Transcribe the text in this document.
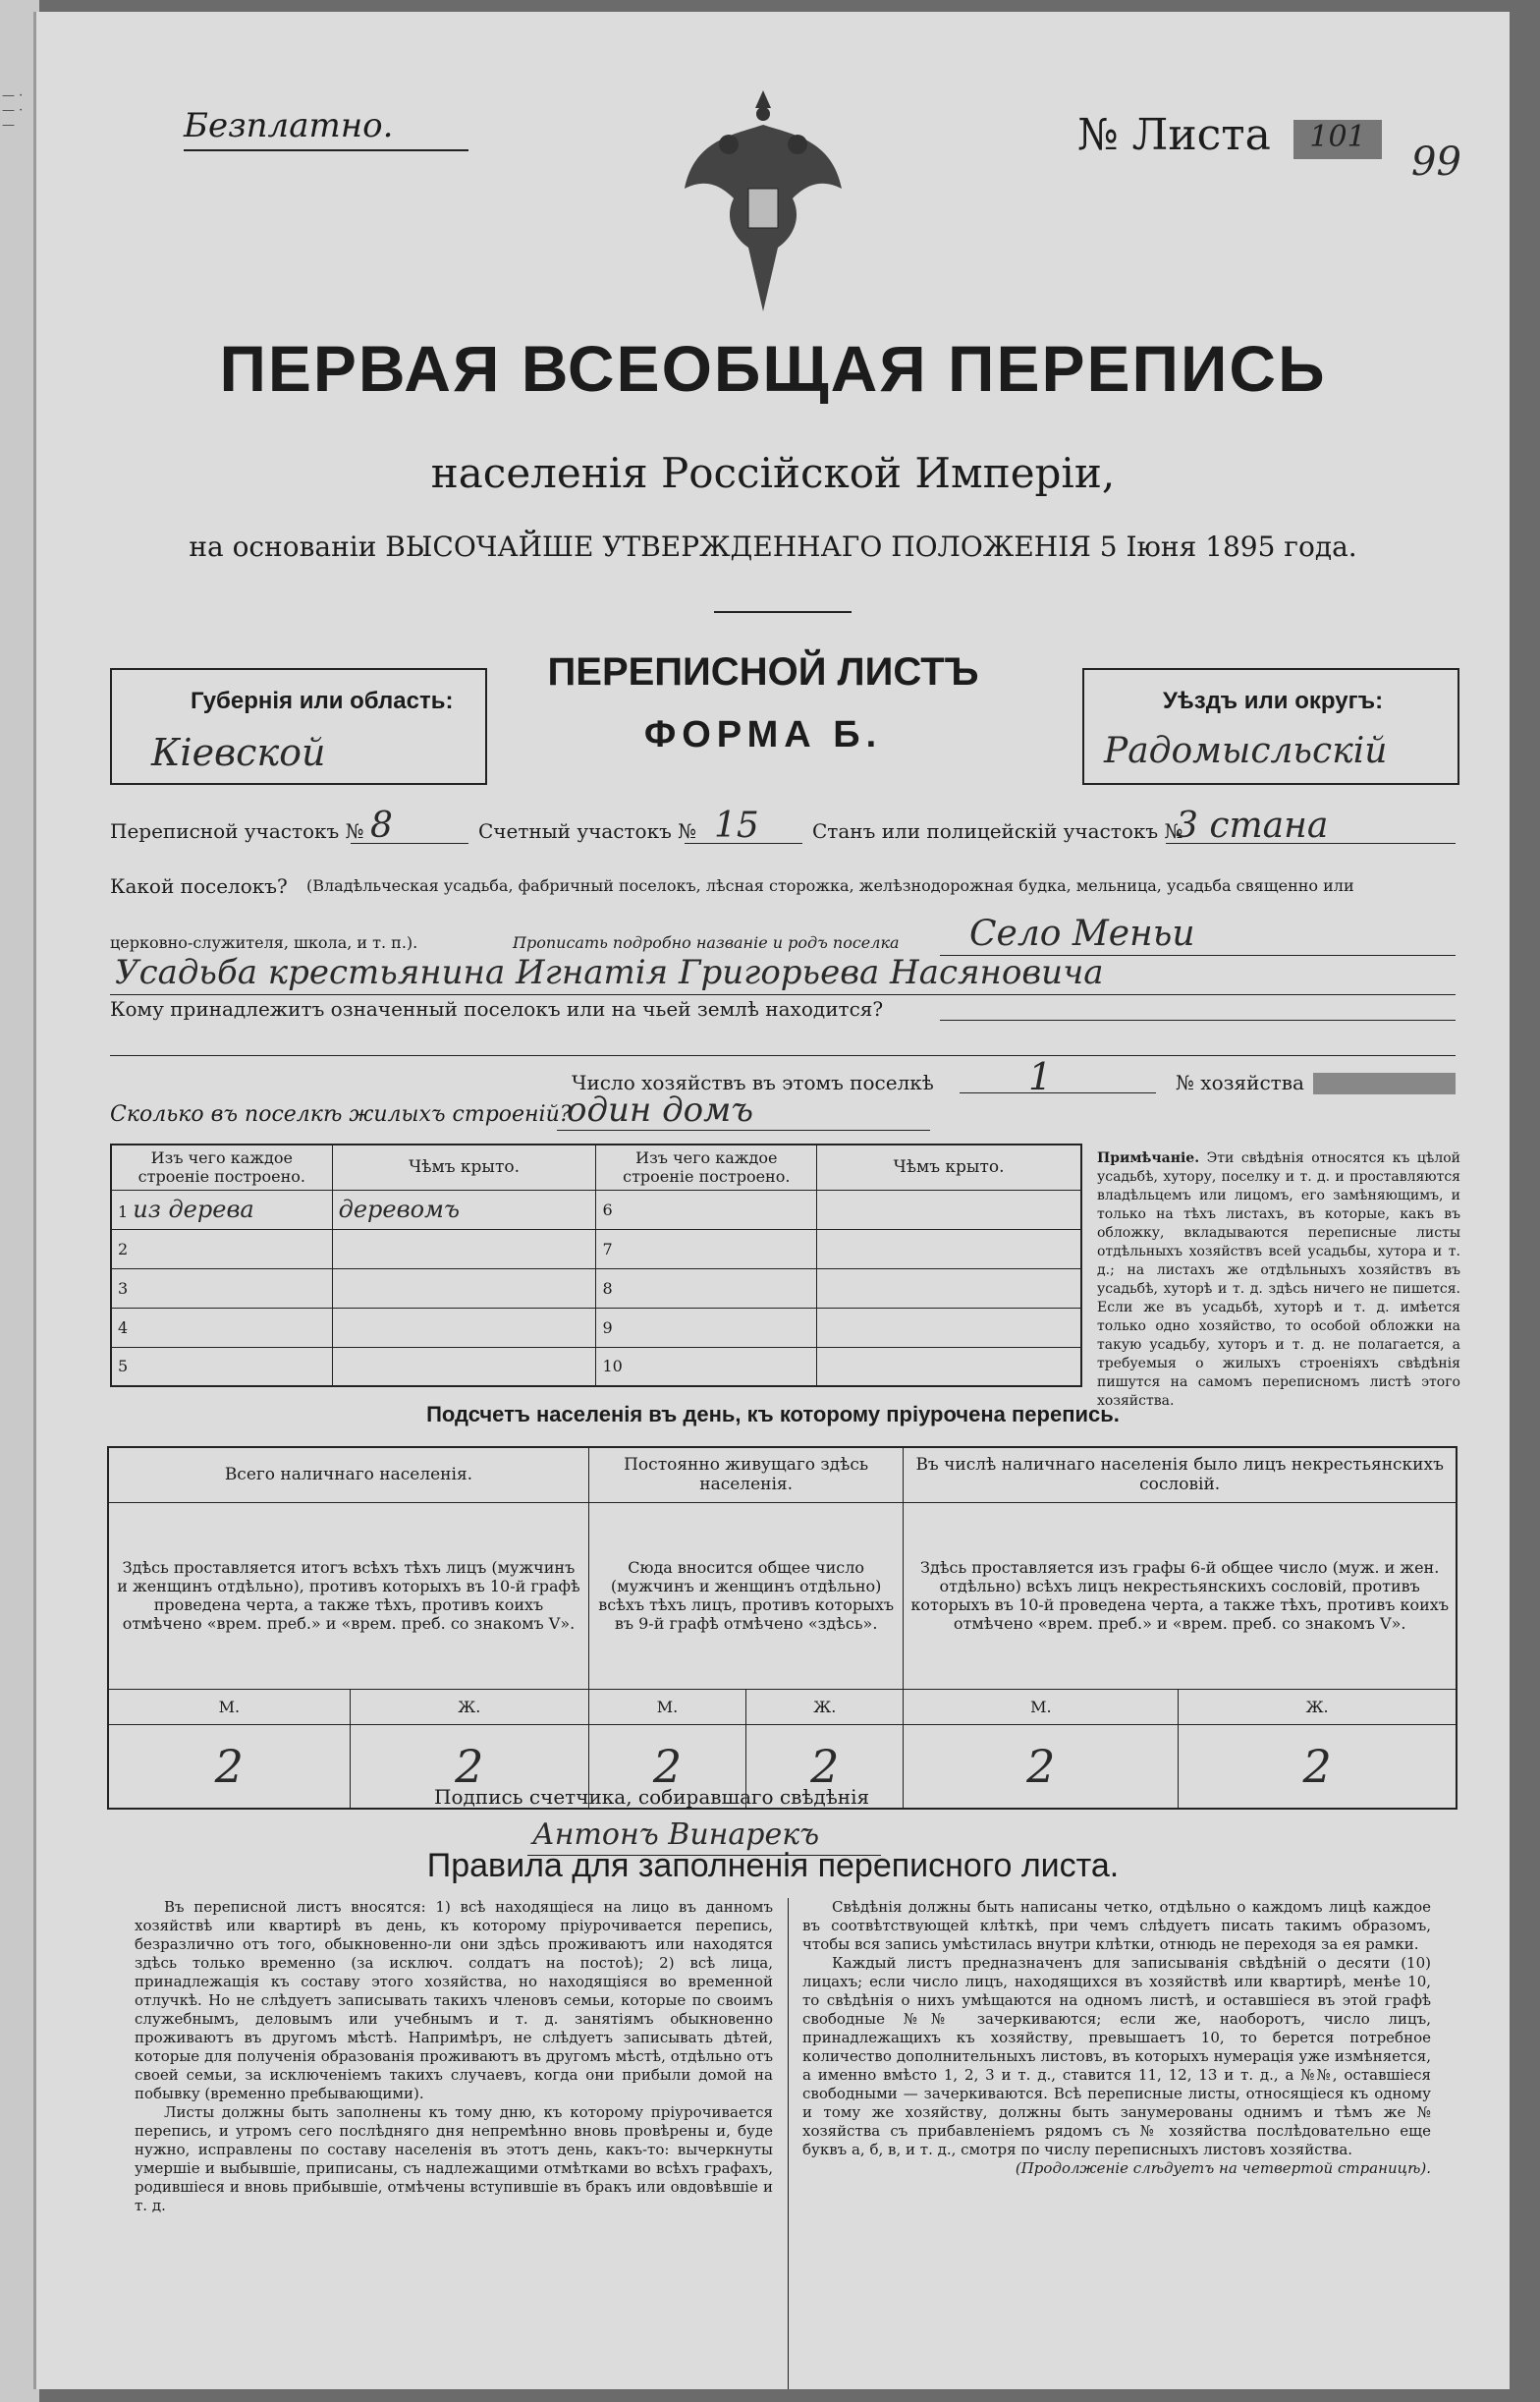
— · — · —	Безплатно.	№ Листа	101
99
ПЕРВАЯ ВСЕОБЩАЯ ПЕРЕПИСЬ
населенія Россійской Имперіи,
на основаніи ВЫСОЧАЙШЕ УТВЕРЖДЕННАГО ПОЛОЖЕНІЯ 5 Іюня 1895 года.
Губернія или область:
Кіевской
ПЕРЕПИСНОЙ ЛИСТЪ
ФОРМА Б.
Уѣздъ или округъ:
Радомысльскій
Переписной участокъ № 8	Счетный участокъ № 15	Станъ или полицейскій участокъ №
3 стана
Какой поселокъ? (Владѣльческая усадьба, фабричный поселокъ, лѣсная сторожка, желѣзнодорожная будка, мельница, усадьба священно или
церковно-служителя, школа, и т. п.).	Прописать подробно названіе и родъ поселка Село Меньи
Усадьба крестьянина Игнатія Григорьева Насяновича
Кому принадлежитъ означенный поселокъ или на чьей землѣ находится?
Число хозяйствъ въ этомъ поселкѣ	1	№ хозяйства
Сколько въ поселкѣ жилыхъ строеній?
один домъ
Изъ чего каждое строеніе построено.	Чѣмъ крыто.	Изъ чего каждое строеніе построено.	Чѣмъ крыто.
1 из дерева	деревомъ	6	
2		7	
3		8	
4		9	
5		10	
Примѣчаніе. Эти свѣдѣнія относятся къ цѣлой усадьбѣ, хутору, поселку и т. д. и проставляются владѣльцемъ или лицомъ, его замѣняющимъ, и только на тѣхъ листахъ, въ которые, какъ въ обложку, вкладываются переписные листы отдѣльныхъ хозяйствъ всей усадьбы, хутора и т. д.; на листахъ же отдѣльныхъ хозяйствъ въ усадьбѣ, хуторѣ и т. д. здѣсь ничего не пишется. Если же въ усадьбѣ, хуторѣ и т. д. имѣется только одно хозяйство, то особой обложки на такую усадьбу, хуторъ и т. д. не полагается, а требуемыя о жилыхъ строеніяхъ свѣдѣнія пишутся на самомъ переписномъ листѣ этого хозяйства.
Подсчетъ населенія въ день, къ которому пріурочена перепись.
Всего наличнаго населенія.		Постоянно живущаго здѣсь населенія.		Въ числѣ наличнаго населенія было лицъ некрестьянскихъ сословій.	
Здѣсь проставляется итогъ всѣхъ тѣхъ лицъ (мужчинъ и женщинъ отдѣльно), противъ которыхъ въ 10-й графѣ проведена черта, а также тѣхъ, противъ коихъ отмѣчено «врем. преб.» и «врем. преб. со знакомъ V».		Сюда вносится общее число (мужчинъ и женщинъ отдѣльно) всѣхъ тѣхъ лицъ, противъ которыхъ въ 9-й графѣ отмѣчено «здѣсь».		Здѣсь проставляется изъ графы 6-й общее число (муж. и жен. отдѣльно) всѣхъ лицъ некрестьянскихъ сословій, противъ которыхъ въ 10-й проведена черта, а также тѣхъ, противъ коихъ отмѣчено «врем. преб.» и «врем. преб. со знакомъ V».	
М.	Ж.	М.	Ж.	М.	Ж.
2	2	2	2	2	2
Подпись счетчика, собиравшаго свѣдѣнія
Антонъ Винарекъ
Правила для заполненія переписного листа.
Въ переписной листъ вносятся: 1) всѣ находящіеся на лицо въ данномъ хозяйствѣ или квартирѣ въ день, къ которому пріурочивается перепись, безразлично отъ того, обыкновенно-ли они здѣсь проживаютъ или находятся здѣсь только временно (за исключ. солдатъ на постоѣ); 2) всѣ лица, принадлежащія къ составу этого хозяйства, но находящіяся во временной отлучкѣ. Но не слѣдуетъ записывать такихъ членовъ семьи, которые по своимъ служебнымъ, деловымъ или учебнымъ и т. д. занятіямъ обыкновенно проживаютъ въ другомъ мѣстѣ. Напримѣръ, не слѣдуетъ записывать дѣтей, которые для полученія образованія проживаютъ въ другомъ мѣстѣ, отдѣльно отъ своей семьи, за исключеніемъ такихъ случаевъ, когда они прибыли домой на побывку (временно пребывающими).
Листы должны быть заполнены къ тому дню, къ которому пріурочивается перепись, и утромъ сего послѣдняго дня непремѣнно вновь провѣрены и, буде нужно, исправлены по составу населенія въ этотъ день, какъ-то: вычеркнуты умершіе и выбывшіе, приписаны, съ надлежащими отмѣтками во всѣхъ графахъ, родившіеся и вновь прибывшіе, отмѣчены вступившіе въ бракъ или овдовѣвшіе и т. д.
Свѣдѣнія должны быть написаны четко, отдѣльно о каждомъ лицѣ каждое въ соотвѣтствующей клѣткѣ, при чемъ слѣдуетъ писать такимъ образомъ, чтобы вся запись умѣстилась внутри клѣтки, отнюдь не переходя за ея рамки.
Каждый листъ предназначенъ для записыванія свѣдѣній о десяти (10) лицахъ; если число лицъ, находящихся въ хозяйствѣ или квартирѣ, менѣе 10, то свѣдѣнія о нихъ умѣщаются на одномъ листѣ, и оставшіеся въ этой графѣ свободные №№ зачеркиваются; если же, наоборотъ, число лицъ, принадлежащихъ къ хозяйству, превышаетъ 10, то берется потребное количество дополнительныхъ листовъ, въ которыхъ нумерація уже измѣняется, а именно вмѣсто 1, 2, 3 и т. д., ставится 11, 12, 13 и т. д., а №№, оставшіеся свободными — зачеркиваются. Всѣ переписные листы, относящіеся къ одному и тому же хозяйству, должны быть занумерованы однимъ и тѣмъ же № хозяйства съ прибавленіемъ рядомъ съ № хозяйства послѣдовательно еще буквъ а, б, в, и т. д., смотря по числу переписныхъ листовъ хозяйства.
(Продолженіе слѣдуетъ на четвертой страницѣ).
